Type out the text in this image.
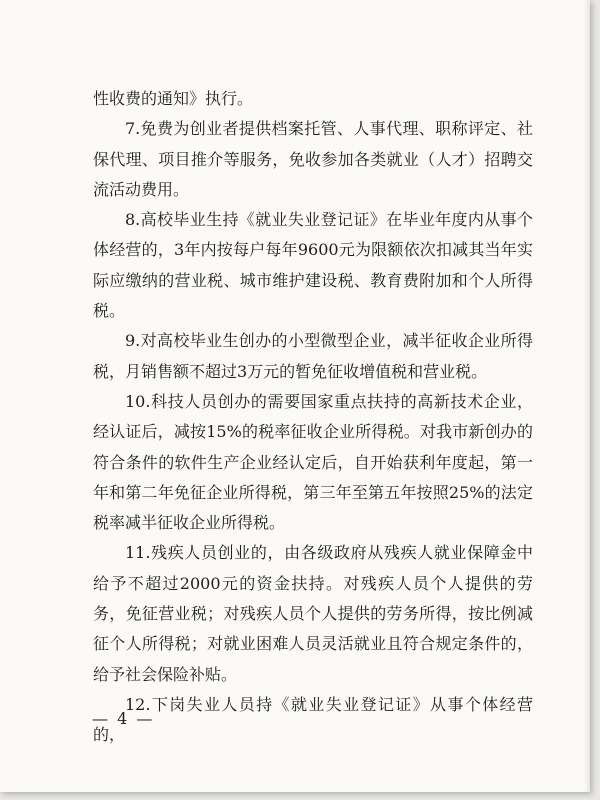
性收费的通知》执行。

7.免费为创业者提供档案托管、人事代理、职称评定、社保代理、项目推介等服务，免收参加各类就业（人才）招聘交流活动费用。

8.高校毕业生持《就业失业登记证》在毕业年度内从事个体经营的，3年内按每户每年9600元为限额依次扣减其当年实际应缴纳的营业税、城市维护建设税、教育费附加和个人所得税。

9.对高校毕业生创办的小型微型企业，减半征收企业所得税，月销售额不超过3万元的暂免征收增值税和营业税。

10.科技人员创办的需要国家重点扶持的高新技术企业，经认证后，减按15%的税率征收企业所得税。对我市新创办的符合条件的软件生产企业经认定后，自开始获利年度起，第一年和第二年免征企业所得税，第三年至第五年按照25%的法定税率减半征收企业所得税。

11.残疾人员创业的，由各级政府从残疾人就业保障金中给予不超过2000元的资金扶持。对残疾人员个人提供的劳务，免征营业税；对残疾人员个人提供的劳务所得，按比例减征个人所得税；对就业困难人员灵活就业且符合规定条件的，给予社会保险补贴。

12.下岗失业人员持《就业失业登记证》从事个体经营的，

— 4 —
